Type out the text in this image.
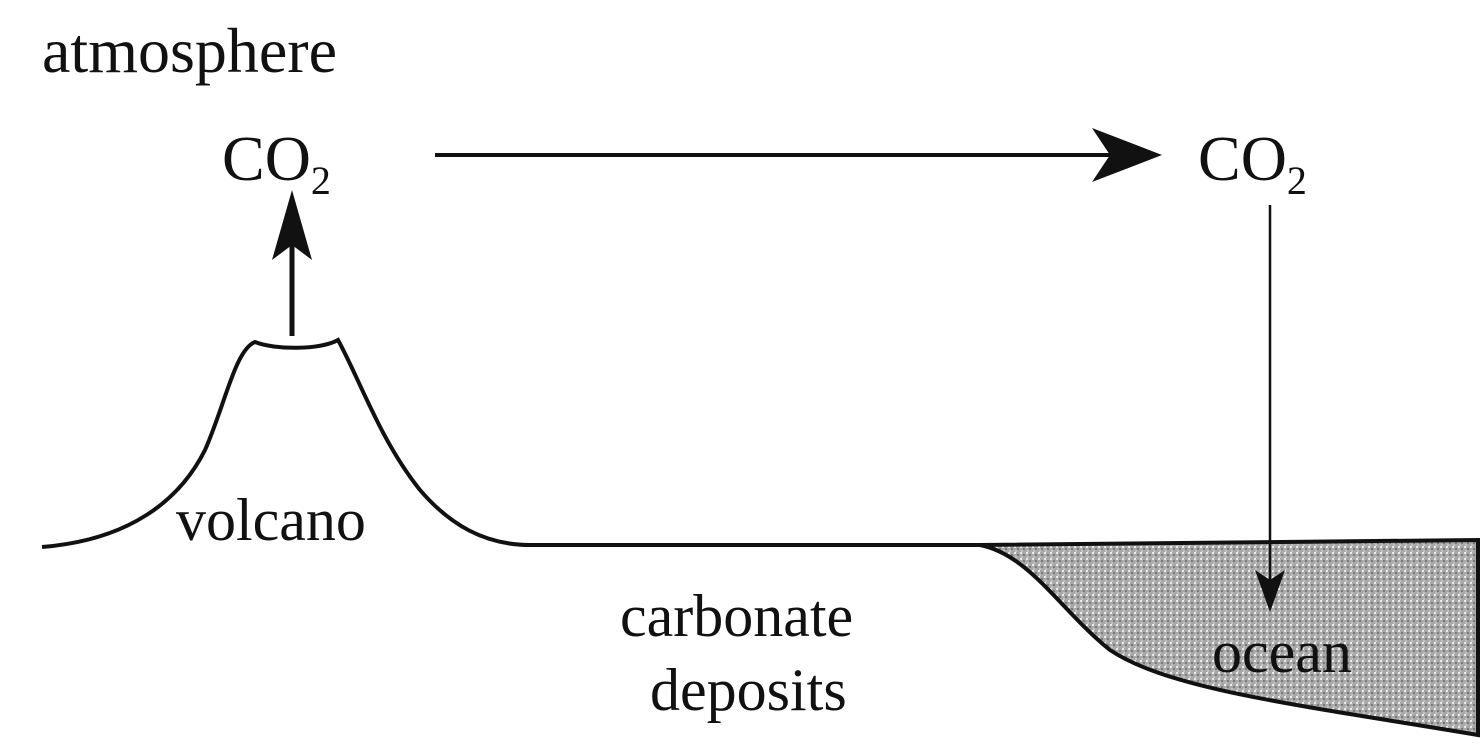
atmosphere
$CO_2$	$CO_2$
volcano
carbonate
deposits
ocean
